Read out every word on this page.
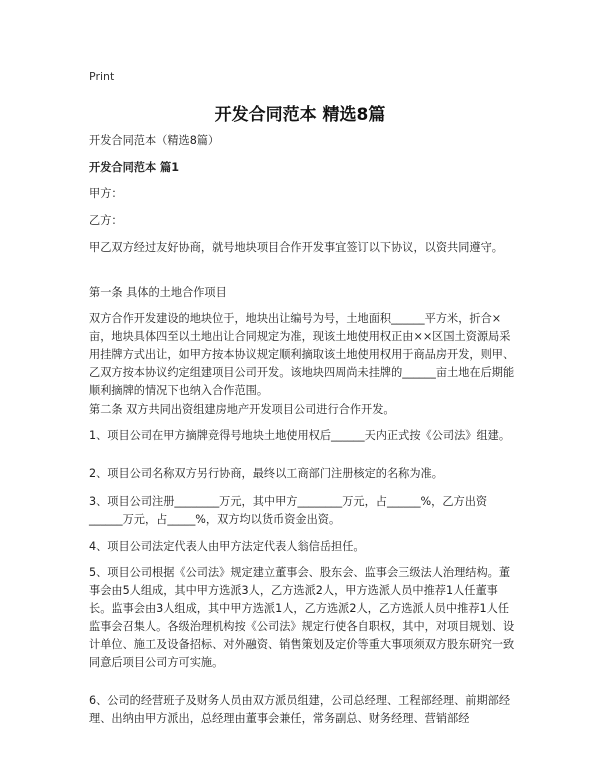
Print
开发合同范本 精选8篇

开发合同范本（精选8篇）

开发合同范本 篇1

甲方：

乙方：

甲乙双方经过友好协商，就号地块项目合作开发事宜签订以下协议，以资共同遵守。

第一条 具体的土地合作项目

双方合作开发建设的地块位于，地块出让编号为号，土地面积______平方米，折合×亩，地块具体四至以土地出让合同规定为准，现该土地使用权正由××区国土资源局采用挂牌方式出让，如甲方按本协议规定顺利摘取该土地使用权用于商品房开发，则甲、乙双方按本协议约定组建项目公司开发。该地块四周尚未挂牌的______亩土地在后期能顺利摘牌的情况下也纳入合作范围。

第二条 双方共同出资组建房地产开发项目公司进行合作开发。

1、项目公司在甲方摘牌竞得号地块土地使用权后______天内正式按《公司法》组建。

2、项目公司名称双方另行协商，最终以工商部门注册核定的名称为准。

3、项目公司注册________万元，其中甲方________万元，占______%，乙方出资______万元，占_____%，双方均以货币资金出资。

4、项目公司法定代表人由甲方法定代表人翁信岳担任。

5、项目公司根据《公司法》规定建立董事会、股东会、监事会三级法人治理结构。董事会由5人组成，其中甲方选派3人，乙方选派2人，甲方选派人员中推荐1人任董事长。监事会由3人组成，其中甲方选派1人，乙方选派2人，乙方选派人员中推荐1人任监事会召集人。各级治理机构按《公司法》规定行使各自职权，其中，对项目规划、设计单位、施工及设备招标、对外融资、销售策划及定价等重大事项须双方股东研究一致同意后项目公司方可实施。

6、公司的经营班子及财务人员由双方派员组建，公司总经理、工程部经理、前期部经理、出纳由甲方派出，总经理由董事会兼任，常务副总、财务经理、营销部经
